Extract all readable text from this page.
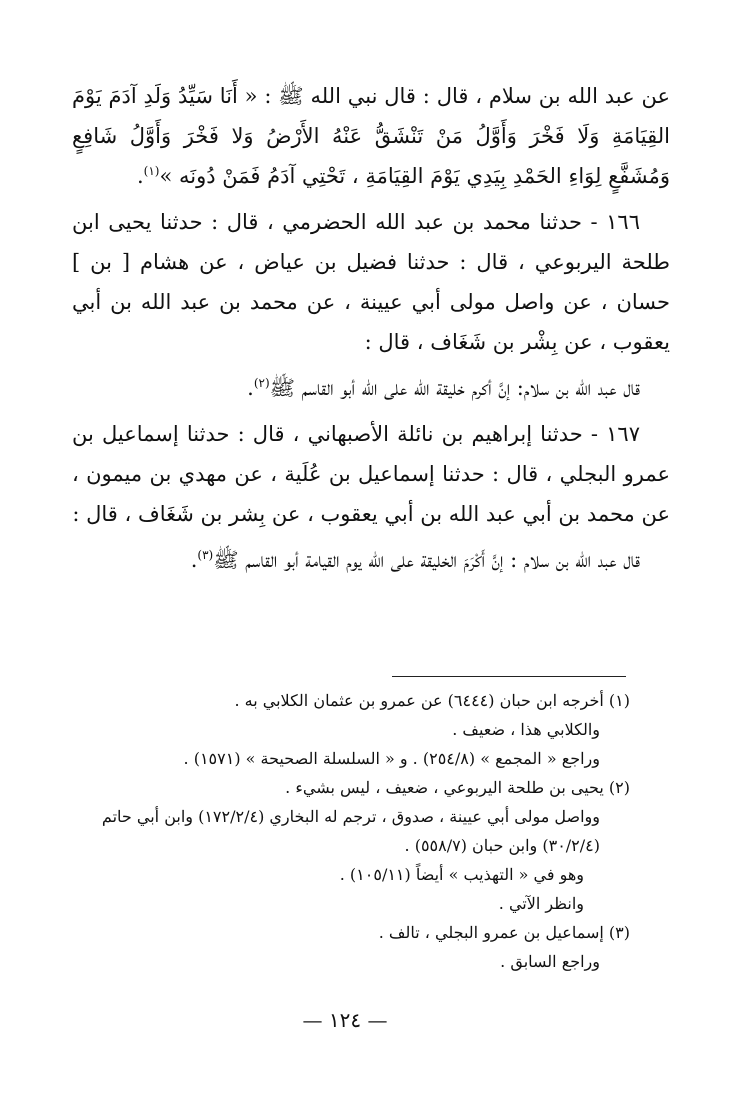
عن عبد الله بن سلام ، قال : قال نبي الله ﷺ : « أَنَا سَيِّدُ وَلَدِ آدَمَ يَوْمَ القِيَامَةِ وَلَا فَخْرَ وَأَوَّلُ مَنْ تَنْشَقُّ عَنْهُ الأَرْضُ وَلا فَخْرَ وَأَوَّلُ شَافِعٍ وَمُشَفَّعٍ لِوَاءِ الحَمْدِ بِيَدِي يَوْمَ القِيَامَةِ ، تَحْتِي آدَمُ فَمَنْ دُونَه »$^{(١)}$.

١٦٦ - حدثنا محمد بن عبد الله الحضرمي ، قال : حدثنا يحيى ابن طلحة اليربوعي ، قال : حدثنا فضيل بن عياض ، عن هشام [ بن ] حسان ، عن واصل مولى أبي عيينة ، عن محمد بن عبد الله بن أبي يعقوب ، عن بِشْر بن شَغَاف ، قال :

قال عبد الله بن سلام: إنَّ أكرم خليقة الله على الله أبو القاسم ﷺ$^{(٢)}$.

١٦٧ - حدثنا إبراهيم بن نائلة الأصبهاني ، قال : حدثنا إسماعيل بن عمرو البجلي ، قال : حدثنا إسماعيل بن عُلَية ، عن مهدي بن ميمون ، عن محمد بن أبي عبد الله بن أبي يعقوب ، عن بِشر بن شَغَاف ، قال :

قال عبد الله بن سلام : إنَّ أَكْرَمَ الخليقة على الله يوم القيامة أبو القاسم ﷺ$^{(٣)}$.

(١) أخرجه ابن حبان (٦٤٤٤) عن عمرو بن عثمان الكلابي به .

والكلابي هذا ، ضعيف .

وراجع « المجمع » (٢٥٤/٨) . و « السلسلة الصحيحة » (١٥٧١) .

(٢) يحيى بن طلحة اليربوعي ، ضعيف ، ليس بشيء .

وواصل مولى أبي عيينة ، صدوق ، ترجم له البخاري (١٧٢/٢/٤) وابن أبي حاتم (٣٠/٢/٤) وابن حبان (٥٥٨/٧) .

وهو في « التهذيب » أيضاً (١٠٥/١١) .

وانظر الآتي .

(٣) إسماعيل بن عمرو البجلي ، تالف .

وراجع السابق .

— ١٢٤ —
